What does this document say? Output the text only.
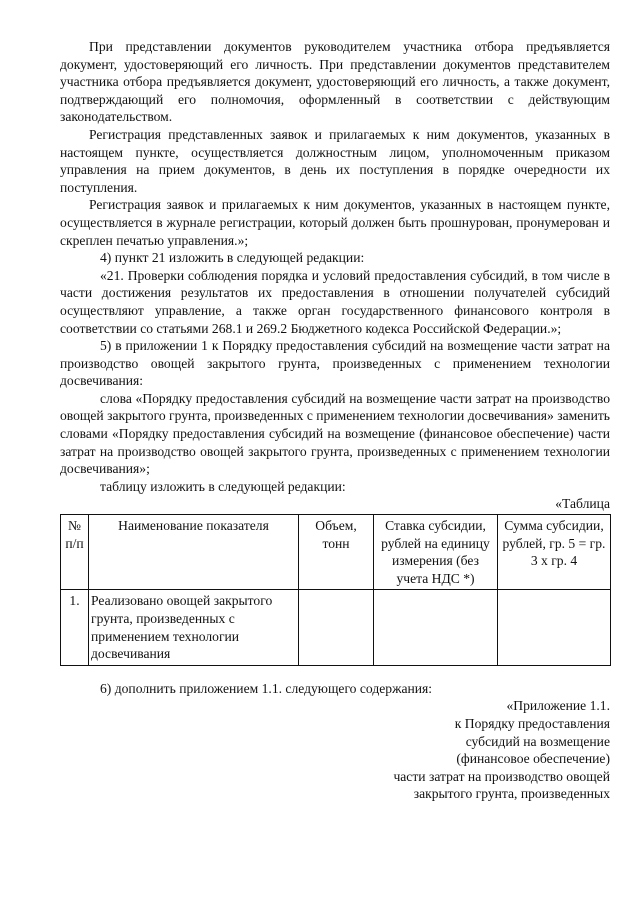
При представлении документов руководителем участника отбора предъявляется документ, удостоверяющий его личность. При представлении документов представителем участника отбора предъявляется документ, удостоверяющий его личность, а также документ, подтверждающий его полномочия, оформленный в соответствии с действующим законодательством.

Регистрация представленных заявок и прилагаемых к ним документов, указанных в настоящем пункте, осуществляется должностным лицом, уполномоченным приказом управления на прием документов, в день их поступления в порядке очередности их поступления.

Регистрация заявок и прилагаемых к ним документов, указанных в настоящем пункте, осуществляется в журнале регистрации, который должен быть прошнурован, пронумерован и скреплен печатью управления.»;

4) пункт 21 изложить в следующей редакции:

«21. Проверки соблюдения порядка и условий предоставления субсидий, в том числе в части достижения результатов их предоставления в отношении получателей субсидий осуществляют управление, а также орган государственного финансового контроля в соответствии со статьями 268.1 и 269.2 Бюджетного кодекса Российской Федерации.»;

5) в приложении 1 к Порядку предоставления субсидий на возмещение части затрат на производство овощей закрытого грунта, произведенных с применением технологии досвечивания:

слова «Порядку предоставления субсидий на возмещение части затрат на производство овощей закрытого грунта, произведенных с применением технологии досвечивания» заменить словами «Порядку предоставления субсидий на возмещение (финансовое обеспечение) части затрат на производство овощей закрытого грунта, произведенных с применением технологии досвечивания»;

таблицу изложить в следующей редакции:

«Таблица

№ п/п	Наименование показателя	Объем, тонн	Ставка субсидии, рублей на единицу измерения (без учета НДС *)	Сумма субсидии, рублей, гр. 5 = гр. 3 x гр. 4
1.	Реализовано овощей закрытого грунта, произведенных с применением технологии досвечивания			

6) дополнить приложением 1.1. следующего содержания:

«Приложение 1.1.

к Порядку предоставления

субсидий на возмещение

(финансовое обеспечение)

части затрат на производство овощей

закрытого грунта, произведенных
